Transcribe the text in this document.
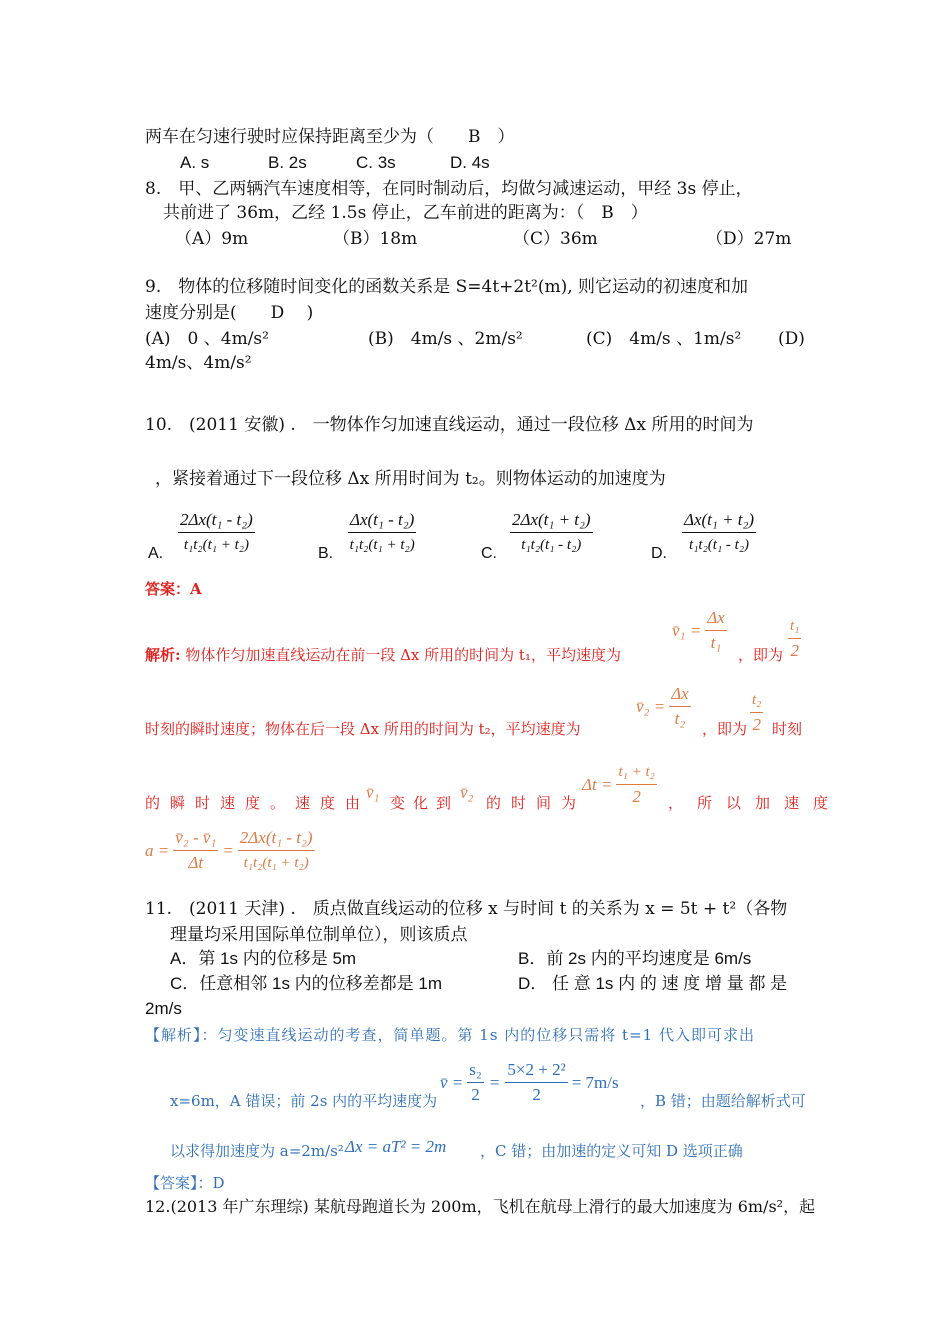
两车在匀速行驶时应保持距离至少为（　　B　）
A. s	B. 2s	C. 3s	D. 4s
8.　甲、乙两辆汽车速度相等，在同时制动后，均做匀减速运动，甲经 3s 停止，
共前进了 36m，乙经 1.5s 停止，乙车前进的距离为：（　B　）
（A）9m	（B）18m	（C）36m	（D）27m
9.　物体的位移随时间变化的函数关系是 S=4t+2t²(m), 则它运动的初速度和加
速度分别是(　　D　 )
(A)　0 、4m/s²	(B)　4m/s 、2m/s²	(C)　4m/s 、1m/s² (D)
4m/s、4m/s²
10.　(2011 安徽) .　一物体作匀加速直线运动，通过一段位移 Δx 所用的时间为
，紧接着通过下一段位移 Δx 所用时间为 t₂。则物体运动的加速度为
A. $\frac{\text{2Δx(t₁ - t₂)}}{\text{t₁t₂(t₁ + t₂)}}$	B. $\frac{\text{Δx(t₁ - t₂)}}{\text{t₁t₂(t₁ + t₂)}}$	C. $\frac{\text{2Δx(t₁ + t₂)}}{\text{t₁t₂(t₁ - t₂)}}$	D. $\frac{\text{Δx(t₁ + t₂)}}{\text{t₁t₂(t₁ - t₂)}}$
答案：A
解析: 物体作匀加速直线运动在前一段 Δx 所用的时间为 t₁，平均速度为
v̄₁ = $\frac{\Delta x}{\text{t₁}}$ ，即为 $\frac{\text{t₁}}{2}$
时刻的瞬时速度；物体在后一段 Δx 所用的时间为 t₂，平均速度为
v̄₂ = $\frac{\Delta x}{\text{t₂}}$ ，即为 $\frac{\text{t₂}}{2}$ 时刻
的瞬时速度。速度由
v̄₁
变化到
v̄₂
的时间为
$\Delta t = \frac{\text{t₁ + t₂}}{2}$ ，所以加速度
$a = \frac{\text{v̄₂ - v̄₁}}{\Delta t} = \frac{\text{2Δx(t₁ - t₂)}}{\text{t₁t₂(t₁ + t₂)}}$
11.　(2011 天津) .　质点做直线运动的位移 x 与时间 t 的关系为 x = 5t + t²（各物
理量均采用国际单位制单位），则该质点
A．第 1s 内的位移是 5m	B．前 2s 内的平均速度是 6m/s
C．任意相邻 1s 内的位移差都是 1m	D． 任 意 1s 内 的 速 度 增 量 都 是
2m/s
【解析】：匀变速直线运动的考查，简单题。第 1s 内的位移只需将 t=1 代入即可求出
x=6m，A 错误；前 2s 内的平均速度为
v̄ = $\frac{\text{s₂}}{2} = \frac{\text{5×2 + 2²}}{2} = 7m/s$
，B 错；由题给解析式可
以求得加速度为 a=2m/s² Δx = aT² = 2m ，C 错；由加速的定义可知 D 选项正确
【答案】：D
12.(2013 年广东理综) 某航母跑道长为 200m，飞机在航母上滑行的最大加速度为 6m/s²，起
